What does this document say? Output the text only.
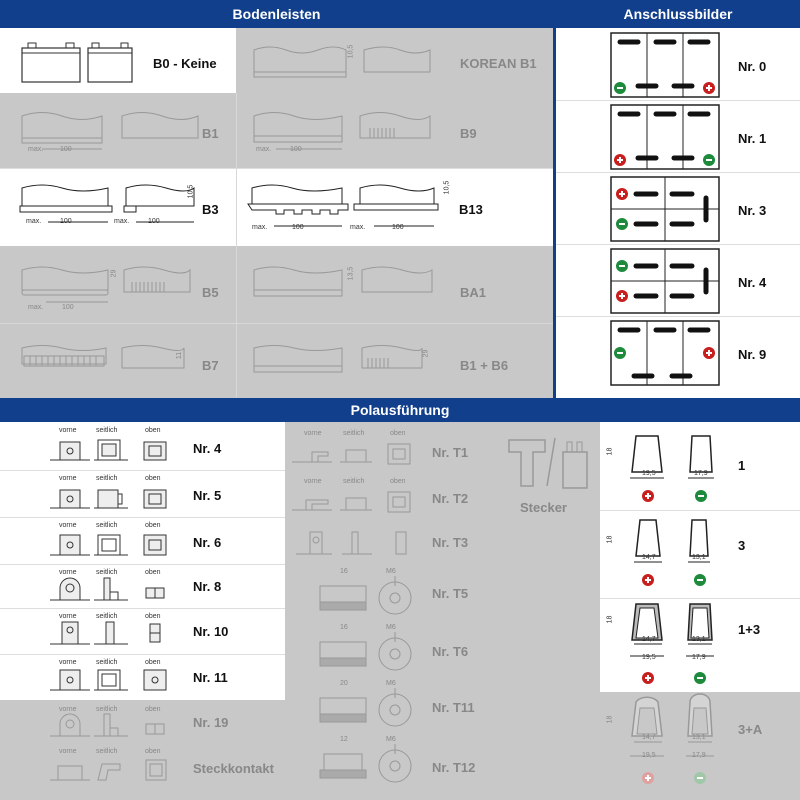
Bodenleisten	Anschlussbilder
B0 - Keine
10,5
KOREAN B1
max. 100
B1
max.	100
B9
max.	100	max.	100
10,5
B3
max.	100	max.	100
10,5
B13
max.	100
29
B5
13,5
BA1
11
B7
29
B1 + B6
Nr. 0
Nr. 1
Nr. 3
Nr. 4
Nr. 9
Polausführung
vorne	seitlich	oben
Nr. 4
vorne	seitlich	oben
Nr. 5
vorne	seitlich	oben
Nr. 6
vorne	seitlich	oben
Nr. 8
vorne	seitlich	oben
Nr. 10
vorne	seitlich	oben
Nr. 11
vorne	seitlich	oben
Nr. 19
vorne	seitlich	oben
Steckkontakt
vorne	seitlich	oben
Nr. T1
vorne	seitlich	oben
Nr. T2
Nr. T3
16	M6
Nr. T5
16	M6
Nr. T6
20	M6
Nr. T11
12	M6
Nr. T12
Stecker
18
19,5	17,9
1
18
14,7	13,1
3
18
14,7	13,1
19,5	17,9
1+3
18
14,7	13,1
19,5	17,9
3+A
